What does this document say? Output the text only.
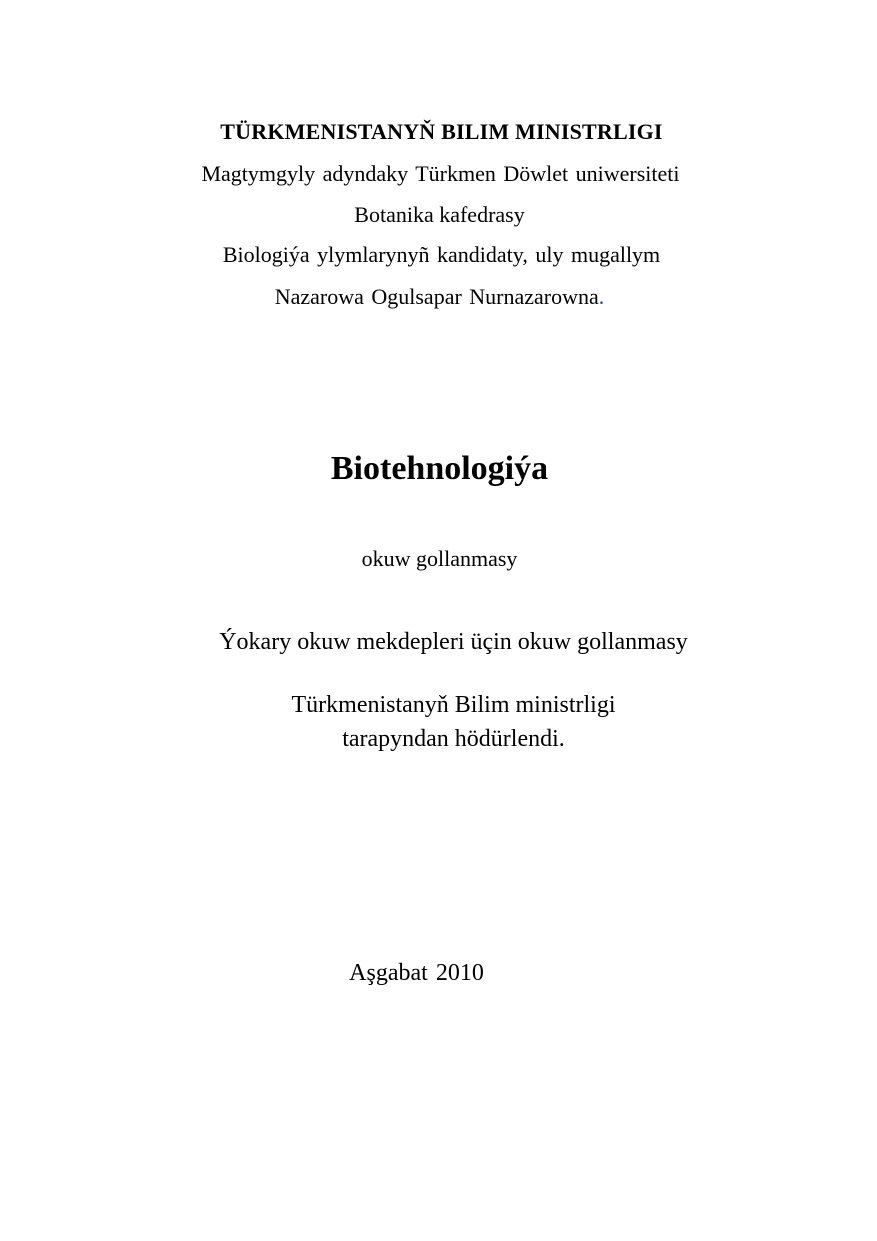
TÜRKMENISTANYŇ BILIM MINISTRLIGI
Magtymgyly adyndaky Türkmen Döwlet uniwersiteti
Botanika kafedrasy
Biologiýa ylymlarynyñ kandidaty, uly mugallym
Nazarowa Ogulsapar Nurnazarowna.
Biotehnologiýa
okuw gollanmasy
Ýokary okuw mekdepleri üçin okuw gollanmasy
Türkmenistanyň Bilim ministrligi
tarapyndan hödürlendi.
Aşgabat 2010
